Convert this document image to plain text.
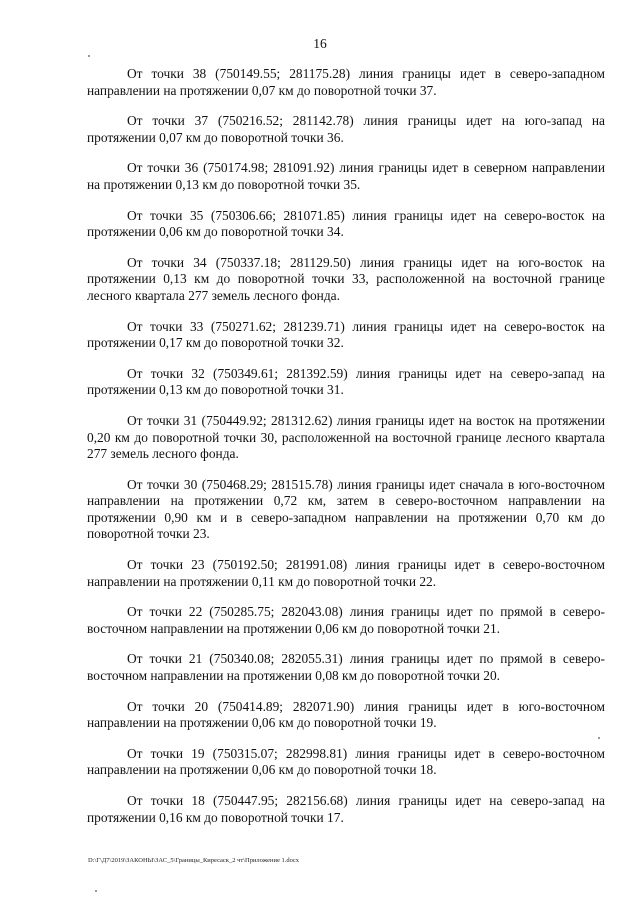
16

От точки 38 (750149.55; 281175.28) линия границы идет в северо-западном направлении на протяжении 0,07 км до поворотной точки 37.

От точки 37 (750216.52; 281142.78) линия границы идет на юго-запад на протяжении 0,07 км до поворотной точки 36.

От точки 36 (750174.98; 281091.92) линия границы идет в северном направлении на протяжении 0,13 км до поворотной точки 35.

От точки 35 (750306.66; 281071.85) линия границы идет на северо-восток на протяжении 0,06 км до поворотной точки 34.

От точки 34 (750337.18; 281129.50) линия границы идет на юго-восток на протяжении 0,13 км до поворотной точки 33, расположенной на восточной границе лесного квартала 277 земель лесного фонда.

От точки 33 (750271.62; 281239.71) линия границы идет на северо-восток на протяжении 0,17 км до поворотной точки 32.

От точки 32 (750349.61; 281392.59) линия границы идет на северо-запад на протяжении 0,13 км до поворотной точки 31.

От точки 31 (750449.92; 281312.62) линия границы идет на восток на протяжении 0,20 км до поворотной точки 30, расположенной на восточной границе лесного квартала 277 земель лесного фонда.

От точки 30 (750468.29; 281515.78) линия границы идет сначала в юго-восточном направлении на протяжении 0,72 км, затем в северо-восточном направлении на протяжении 0,90 км и в северо-западном направлении на протяжении 0,70 км до поворотной точки 23.

От точки 23 (750192.50; 281991.08) линия границы идет в северо-восточном направлении на протяжении 0,11 км до поворотной точки 22.

От точки 22 (750285.75; 282043.08) линия границы идет по прямой в северо-восточном направлении на протяжении 0,06 км до поворотной точки 21.

От точки 21 (750340.08; 282055.31) линия границы идет по прямой в северо-восточном направлении на протяжении 0,08 км до поворотной точки 20.

От точки 20 (750414.89; 282071.90) линия границы идет в юго-восточном направлении на протяжении 0,06 км до поворотной точки 19.

От точки 19 (750315.07; 282998.81) линия границы идет в северо-восточном направлении на протяжении 0,06 км до поворотной точки 18.

От точки 18 (750447.95; 282156.68) линия границы идет на северо-запад на протяжении 0,16 км до поворотной точки 17.

D:\Г\Д7\2019\ЗАКОНЫ\ЗАС_5\Границы_Киресаск_2 чт\Приложение 1.docx
